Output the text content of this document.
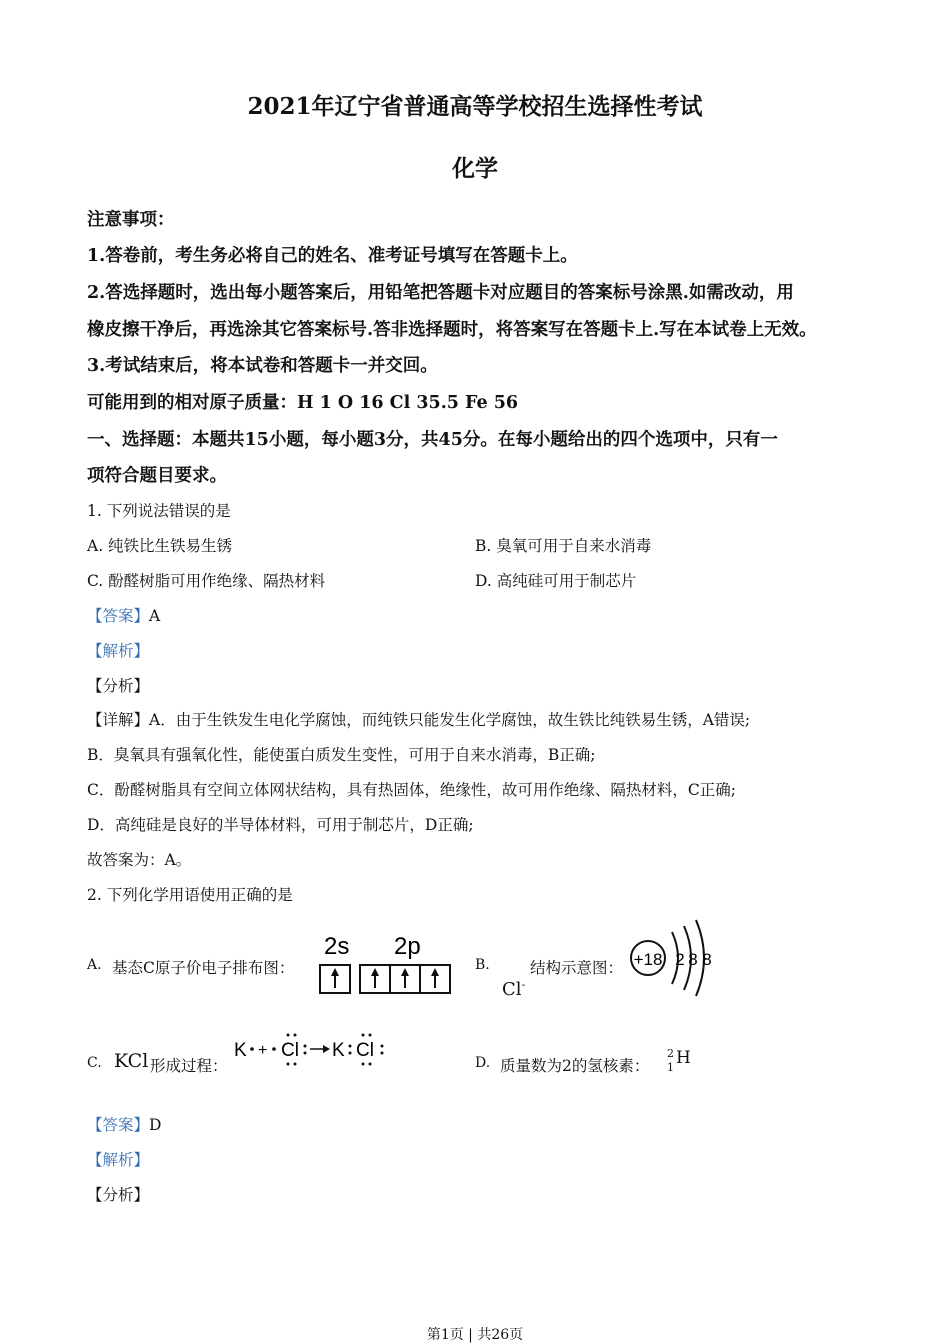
2021年辽宁省普通高等学校招生选择性考试
化学
注意事项：
1.答卷前，考生务必将自己的姓名、准考证号填写在答题卡上。
2.答选择题时，选出每小题答案后，用铅笔把答题卡对应题目的答案标号涂黑.如需改动，用
橡皮擦干净后，再选涂其它答案标号.答非选择题时，将答案写在答题卡上.写在本试卷上无效。
3.考试结束后，将本试卷和答题卡一并交回。
可能用到的相对原子质量：H 1 O 16 Cl 35.5 Fe 56
一、选择题：本题共15小题，每小题3分，共45分。在每小题给出的四个选项中，只有一
项符合题目要求。
1. 下列说法错误的是
A. 纯铁比生铁易生锈	B. 臭氧可用于自来水消毒
C. 酚醛树脂可用作绝缘、隔热材料	D. 高纯硅可用于制芯片
【答案】A
【解析】
【分析】
【详解】A．由于生铁发生电化学腐蚀，而纯铁只能发生化学腐蚀，故生铁比纯铁易生锈，A错误;
B．臭氧具有强氧化性，能使蛋白质发生变性，可用于自来水消毒，B正确;
C．酚醛树脂具有空间立体网状结构，具有热固体，绝缘性，故可用作绝缘、隔热材料，C正确;
D．高纯硅是良好的半导体材料，可用于制芯片，D正确;
故答案为：A。
2. 下列化学用语使用正确的是
A. 基态C原子价电子排布图：
2s 2p
B.
Cl-
结构示意图： +18 2 8 8
C. KCl 形成过程：
K + Cl K Cl
D. 质量数为2的氢核素：
2
1 H
【答案】D
【解析】
【分析】
第1页 | 共26页
